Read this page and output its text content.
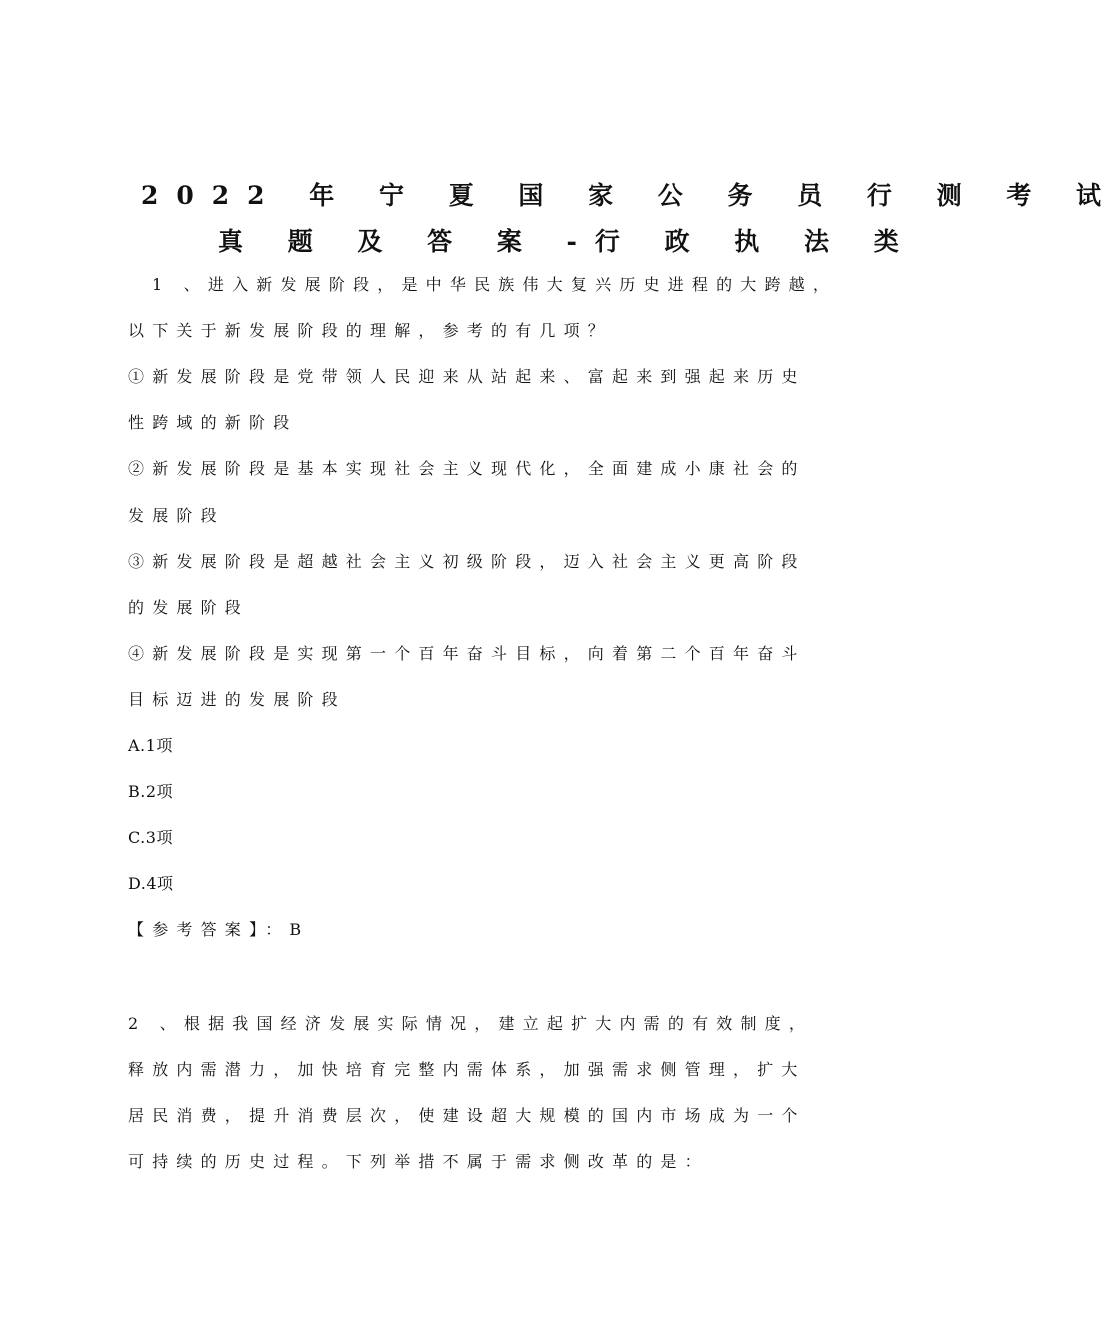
2022 年 宁 夏 国 家 公 务 员 行 测 考 试
真 题 及 答 案 -行 政 执 法 类

1 、进入新发展阶段，是中华民族伟大复兴历史进程的大跨越，

以下关于新发展阶段的理解，参考的有几项？

①新发展阶段是党带领人民迎来从站起来、富起来到强起来历史

性跨域的新阶段

②新发展阶段是基本实现社会主义现代化，全面建成小康社会的

发展阶段

③新发展阶段是超越社会主义初级阶段，迈入社会主义更高阶段

的发展阶段

④新发展阶段是实现第一个百年奋斗目标，向着第二个百年奋斗

目标迈进的发展阶段

A.1项

B.2项

C.3项

D.4项

【参考答案】：B

2 、根据我国经济发展实际情况，建立起扩大内需的有效制度，

释放内需潜力，加快培育完整内需体系，加强需求侧管理，扩大

居民消费，提升消费层次，使建设超大规模的国内市场成为一个

可持续的历史过程。下列举措不属于需求侧改革的是：
